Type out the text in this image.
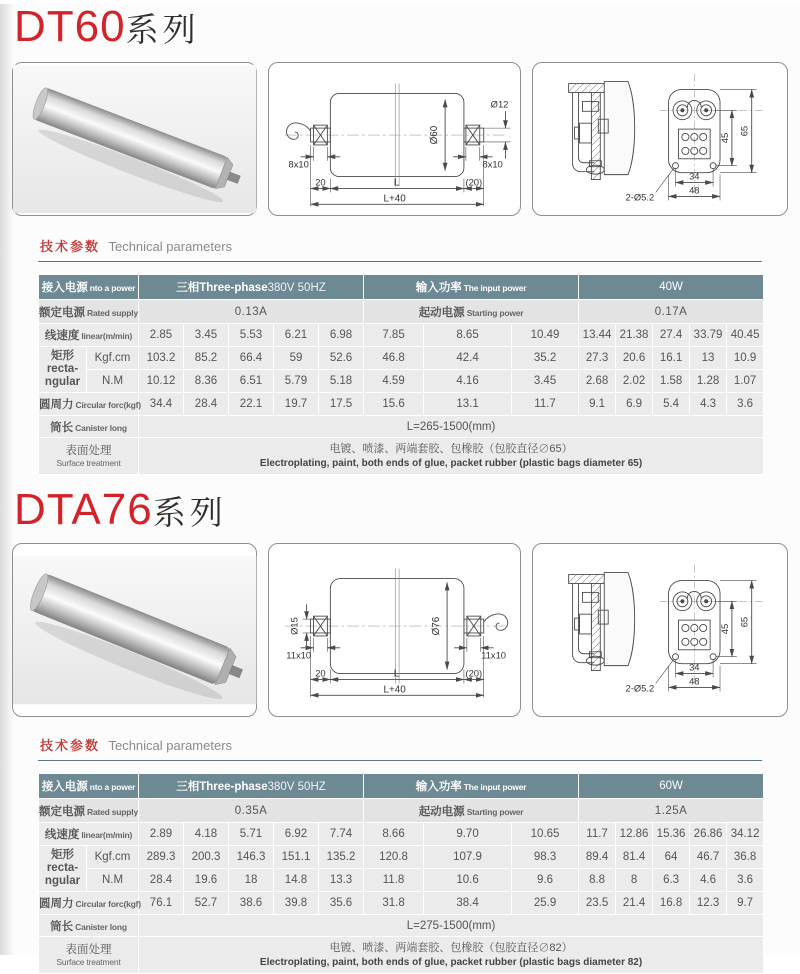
DT60系列
Ø12
Ø60
8x10	8x10
20	L	(20)
L+40
45
65
34
48
2-Ø5.2
技术参数 Technical parameters
接入电源 nto a power		三相Three-phase380V 50HZ					输入功率 The input power			40W				
额定电源 Rated supply		0.13A					起动电源 Starting power			0.17A				
线速度 linear(m/min)		2.85	3.45	5.53	6.21	6.98	7.85	8.65	10.49	13.44	21.38	27.4	33.79	40.45

矩形
recta-
ngular	Kgf.cm	103.2	85.2	66.4	59	52.6	46.8	42.4	35.2	27.3	20.6	16.1	13	10.9
	N.M	10.12	8.36	6.51	5.79	5.18	4.59	4.16	3.45	2.68	2.02	1.58	1.28	1.07
圆周力 Circular forc(kgf)		34.4	28.4	22.1	19.7	17.5	15.6	13.1	11.7	9.1	6.9	5.4	4.3	3.6
筒长 Canister long		L=265-1500(mm)												

表面处理
Surface treatment

电镀、喷漆、两端套胶、包橡胶（包胶直径∅65）
Electroplating, paint, both ends of glue, packet rubber (plastic bags diameter 65)
DTA76系列
Ø15	Ø76
11x10	11x10
20	L	(20)
L+40
45
65
34
48
2-Ø5.2
技术参数 Technical parameters
接入电源 nto a power		三相Three-phase380V 50HZ					输入功率 The input power			60W				
额定电源 Rated supply		0.35A					起动电源 Starting power			1.25A				
线速度 linear(m/min)		2.89	4.18	5.71	6.92	7.74	8.66	9.70	10.65	11.7	12.86	15.36	26.86	34.12

矩形
recta-
ngular	Kgf.cm	289.3	200.3	146.3	151.1	135.2	120.8	107.9	98.3	89.4	81.4	64	46.7	36.8
	N.M	28.4	19.6	18	14.8	13.3	11.8	10.6	9.6	8.8	8	6.3	4.6	3.6
圆周力 Circular forc(kgf)		76.1	52.7	38.6	39.8	35.6	31.8	38.4	25.9	23.5	21.4	16.8	12.3	9.7
筒长 Canister long		L=275-1500(mm)												

表面处理
Surface treatment

电镀、喷漆、两端套胶、包橡胶（包胶直径∅82）
Electroplating, paint, both ends of glue, packet rubber (plastic bags diameter 82)
